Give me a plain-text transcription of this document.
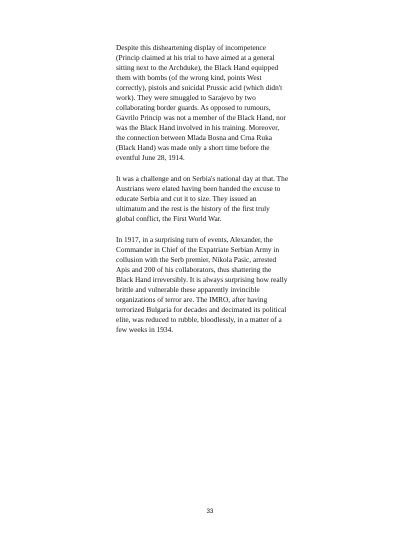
Despite this disheartening display of incompetence
(Princip claimed at his trial to have aimed at a general
sitting next to the Archduke), the Black Hand equipped
them with bombs (of the wrong kind, points West
correctly), pistols and suicidal Prussic acid (which didn't
work). They were smuggled to Sarajevo by two
collaborating border guards. As opposed to rumours,
Gavrilo Princip was not a member of the Black Hand, nor
was the Black Hand involved in his training. Moreover,
the connection between Mlada Bosna and Crna Ruka
(Black Hand) was made only a short time before the
eventful June 28, 1914.

It was a challenge and on Serbia's national day at that. The
Austrians were elated having been handed the excuse to
educate Serbia and cut it to size. They issued an
ultimatum and the rest is the history of the first truly
global conflict, the First World War.

In 1917, in a surprising turn of events, Alexander, the
Commander in Chief of the Expatriate Serbian Army in
collusion with the Serb premier, Nikola Pasic, arrested
Apis and 200 of his collaborators, thus shattering the
Black Hand irreversibly. It is always surprising how really
brittle and vulnerable these apparently invincible
organizations of terror are. The IMRO, after having
terrorized Bulgaria for decades and decimated its political
elite, was reduced to rubble, bloodlessly, in a matter of a
few weeks in 1934.

33
